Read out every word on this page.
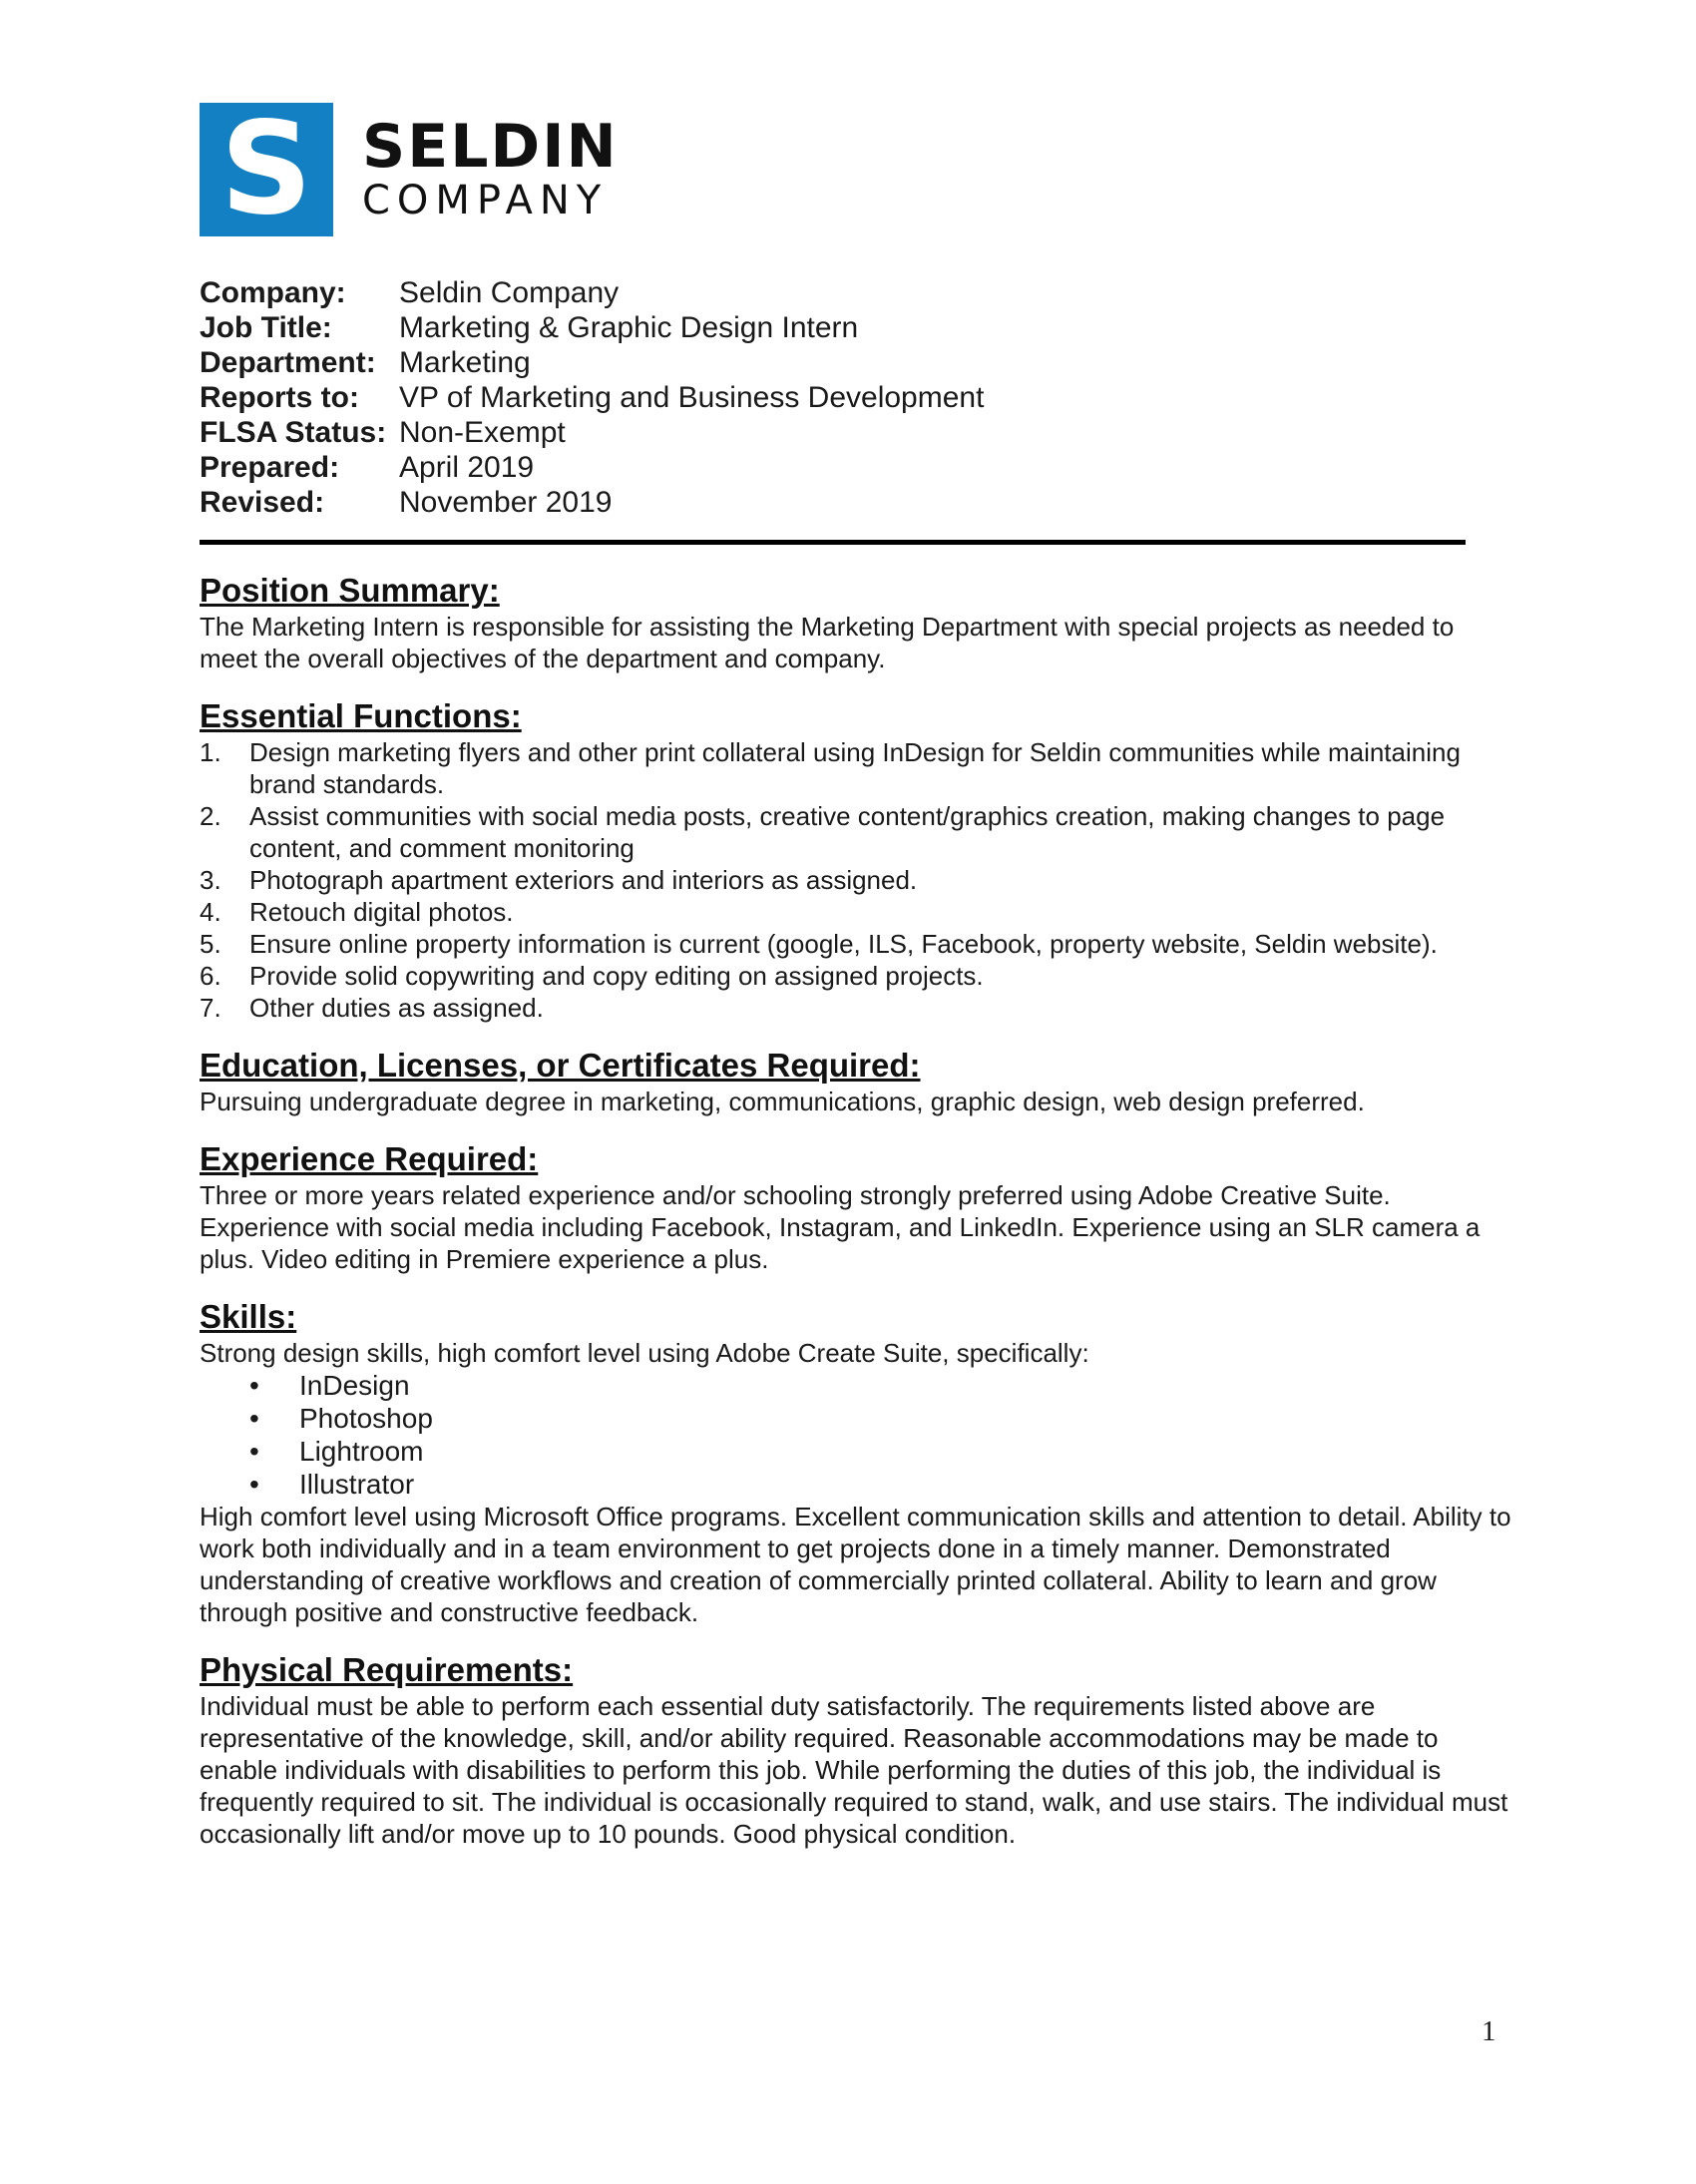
S SELDIN
COMPANY
Company:	Seldin Company
Job Title:	Marketing & Graphic Design Intern
Department: Marketing
Reports to:	VP of Marketing and Business Development
FLSA Status: Non-Exempt
Prepared:	April 2019
Revised:	November 2019
Position Summary:

The Marketing Intern is responsible for assisting the Marketing Department with special projects as needed to meet the overall objectives of the department and company.

Essential Functions:
1. Design marketing flyers and other print collateral using InDesign for Seldin communities while maintaining brand standards.
2. Assist communities with social media posts, creative content/graphics creation, making changes to page content, and comment monitoring
3. Photograph apartment exteriors and interiors as assigned.
4. Retouch digital photos.
5. Ensure online property information is current (google, ILS, Facebook, property website, Seldin website).
6. Provide solid copywriting and copy editing on assigned projects.
7. Other duties as assigned.
Education, Licenses, or Certificates Required:

Pursuing undergraduate degree in marketing, communications, graphic design, web design preferred.

Experience Required:

Three or more years related experience and/or schooling strongly preferred using Adobe Creative Suite. Experience with social media including Facebook, Instagram, and LinkedIn. Experience using an SLR camera a plus. Video editing in Premiere experience a plus.

Skills:

Strong design skills, high comfort level using Adobe Create Suite, specifically:

• InDesign
• Photoshop
• Lightroom
• Illustrator

High comfort level using Microsoft Office programs. Excellent communication skills and attention to detail. Ability to work both individually and in a team environment to get projects done in a timely manner. Demonstrated understanding of creative workflows and creation of commercially printed collateral. Ability to learn and grow through positive and constructive feedback.

Physical Requirements:

Individual must be able to perform each essential duty satisfactorily. The requirements listed above are representative of the knowledge, skill, and/or ability required. Reasonable accommodations may be made to enable individuals with disabilities to perform this job. While performing the duties of this job, the individual is frequently required to sit. The individual is occasionally required to stand, walk, and use stairs. The individual must occasionally lift and/or move up to 10 pounds. Good physical condition.

1
